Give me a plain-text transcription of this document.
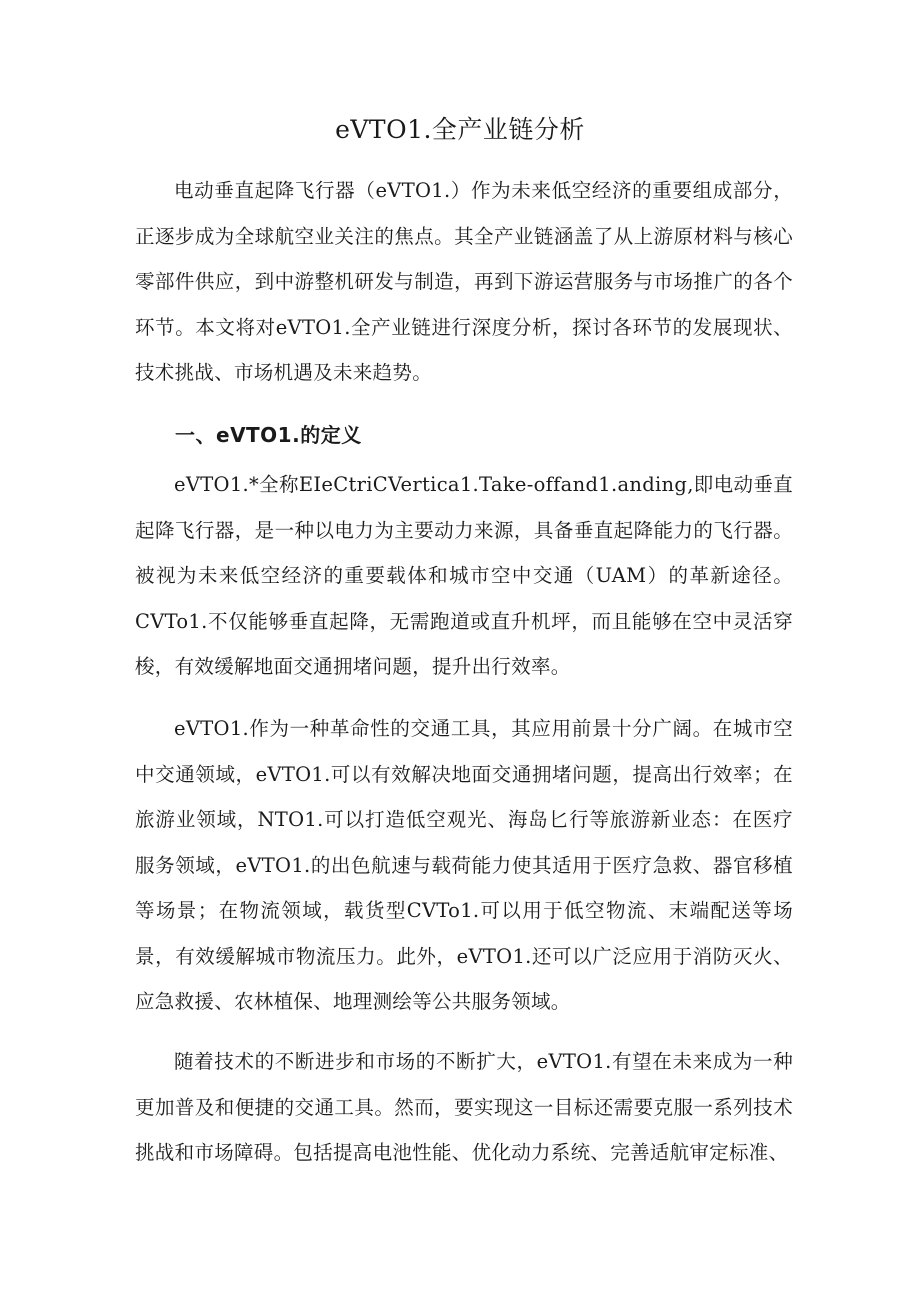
eVTO1.全产业链分析

电动垂直起降飞行器（eVTO1.）作为未来低空经济的重要组成部分，正逐步成为全球航空业关注的焦点。其全产业链涵盖了从上游原材料与核心零部件供应，到中游整机研发与制造，再到下游运营服务与市场推广的各个环节。本文将对eVTO1.全产业链进行深度分析，探讨各环节的发展现状、技术挑战、市场机遇及未来趋势。

一、eVTO1.的定义

eVTO1.*全称EIeCtriCVertica1.Take-offand1.anding,即电动垂直起降飞行器，是一种以电力为主要动力来源，具备垂直起降能力的飞行器。被视为未来低空经济的重要载体和城市空中交通（UAM）的革新途径。CVTo1.不仅能够垂直起降，无需跑道或直升机坪，而且能够在空中灵活穿梭，有效缓解地面交通拥堵问题，提升出行效率。

eVTO1.作为一种革命性的交通工具，其应用前景十分广阔。在城市空中交通领域，eVTO1.可以有效解决地面交通拥堵问题，提高出行效率；在旅游业领域，NTO1.可以打造低空观光、海岛匕行等旅游新业态：在医疗服务领域，eVTO1.的出色航速与载荷能力使其适用于医疗急救、器官移植等场景；在物流领域，载货型CVTo1.可以用于低空物流、末端配送等场景，有效缓解城市物流压力。此外，eVTO1.还可以广泛应用于消防灭火、应急救援、农林植保、地理测绘等公共服务领域。

随着技术的不断进步和市场的不断扩大，eVTO1.有望在未来成为一种更加普及和便捷的交通工具。然而，要实现这一目标还需要克服一系列技术挑战和市场障碍。包括提高电池性能、优化动力系统、完善适航审定标准、
